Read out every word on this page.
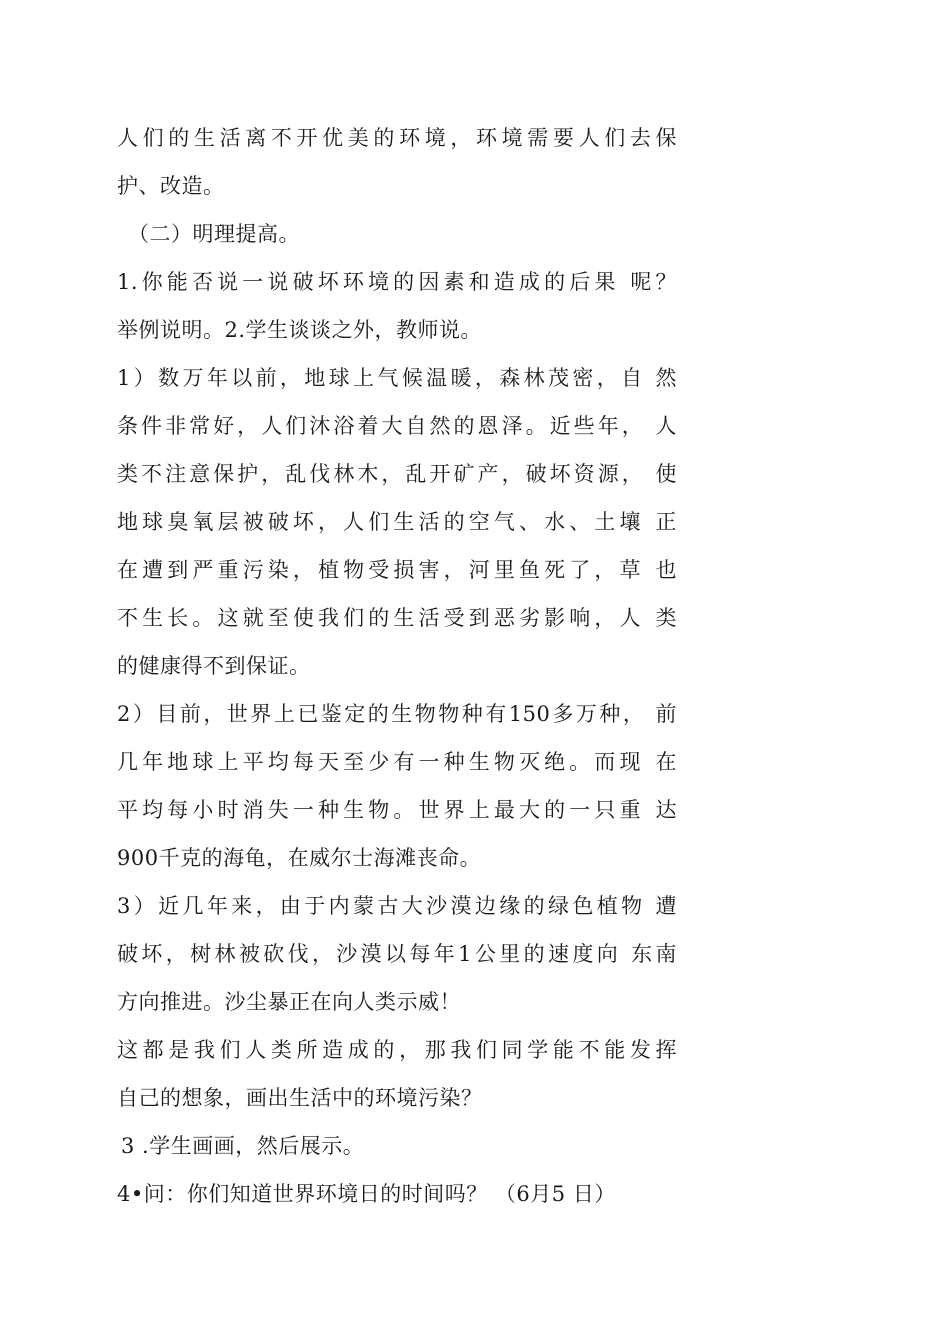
人们的生活离不开优美的环境，环境需要人们去保
护、改造。
（二）明理提高。
1.你能否说一说破坏环境的因素和造成的后果 呢？
举例说明。2.学生谈谈之外，教师说。
1）数万年以前，地球上气候温暖，森林茂密，自 然
条件非常好，人们沐浴着大自然的恩泽。近些年， 人
类不注意保护，乱伐林木，乱开矿产，破坏资源， 使
地球臭氧层被破坏，人们生活的空气、水、土壤 正
在遭到严重污染，植物受损害，河里鱼死了，草 也
不生长。这就至使我们的生活受到恶劣影响，人 类
的健康得不到保证。
2）目前，世界上已鉴定的生物物种有150多万种， 前
几年地球上平均每天至少有一种生物灭绝。而现 在
平均每小时消失一种生物。世界上最大的一只重 达
900千克的海龟，在威尔士海滩丧命。
3）近几年来，由于内蒙古大沙漠边缘的绿色植物 遭
破坏，树林被砍伐，沙漠以每年1公里的速度向 东南
方向推进。沙尘暴正在向人类示威！
这都是我们人类所造成的，那我们同学能不能发挥
自己的想象，画出生活中的环境污染？
3 .学生画画，然后展示。
4•问：你们知道世界环境日的时间吗？ （6月5 日）
